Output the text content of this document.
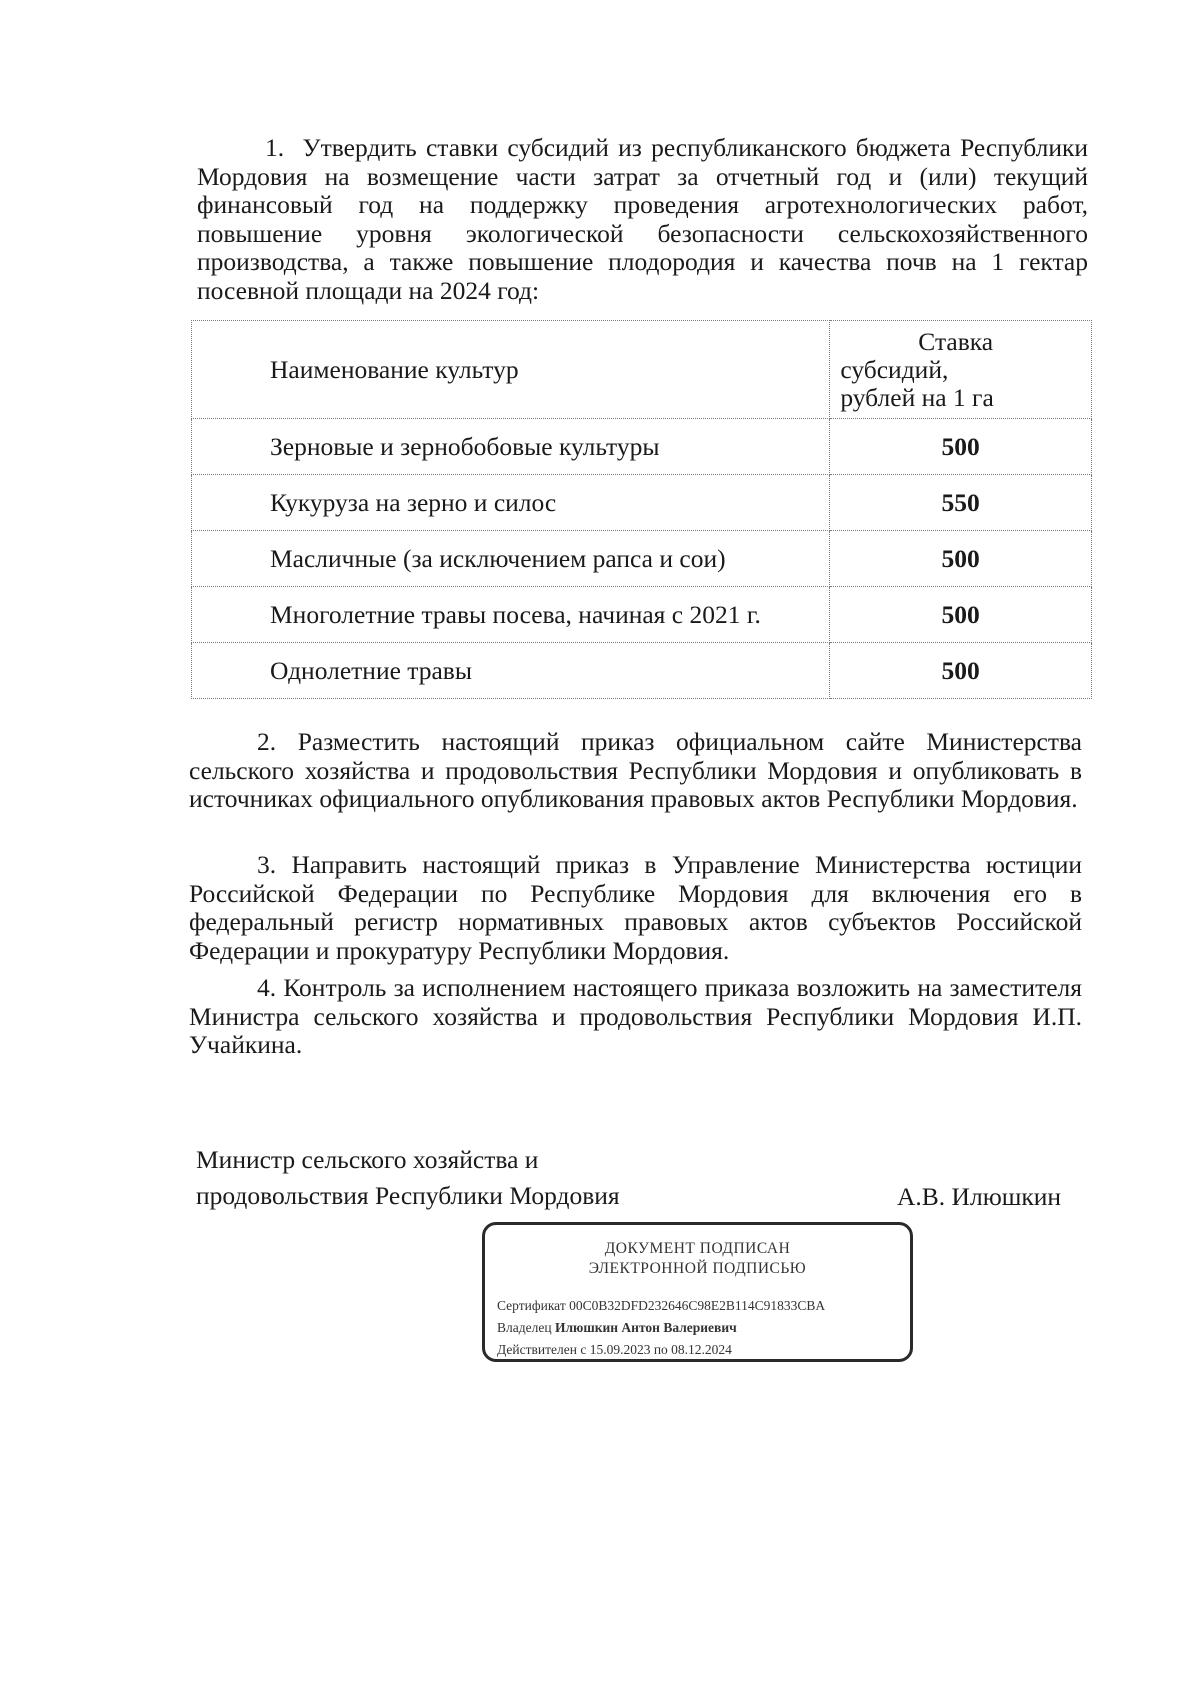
1. Утвердить ставки субсидий из республиканского бюджета Республики Мордовия на возмещение части затрат за отчетный год и (или) текущий финансовый год на поддержку проведения агротехнологических работ, повышение уровня экологической безопасности сельскохозяйственного производства, а также повышение плодородия и качества почв на 1 гектар посевной площади на 2024 год:
Наименование культур	Ставка
субсидий,
рублей на 1 га

Зерновые и зернобобовые культуры	500
Кукуруза на зерно и силос	550
Масличные (за исключением рапса и сои)	500
Многолетние травы посева, начиная с 2021 г.	500
Однолетние травы	500
2. Разместить настоящий приказ официальном сайте Министерства сельского хозяйства и продовольствия Республики Мордовия и опубликовать в источниках официального опубликования правовых актов Республики Мордовия.
3. Направить настоящий приказ в Управление Министерства юстиции Российской Федерации по Республике Мордовия для включения его в федеральный регистр нормативных правовых актов субъектов Российской Федерации и прокуратуру Республики Мордовия.
4. Контроль за исполнением настоящего приказа возложить на заместителя Министра сельского хозяйства и продовольствия Республики Мордовия И.П. Учайкина.
Министр сельского хозяйства и
продовольствия Республики Мордовия	А.В. Илюшкин
ДОКУМЕНТ ПОДПИСАН
ЭЛЕКТРОННОЙ ПОДПИСЬЮ
Сертификат 00C0B32DFD232646C98E2B114C91833CBA
Владелец Илюшкин Антон Валериевич
Действителен с 15.09.2023 по 08.12.2024
